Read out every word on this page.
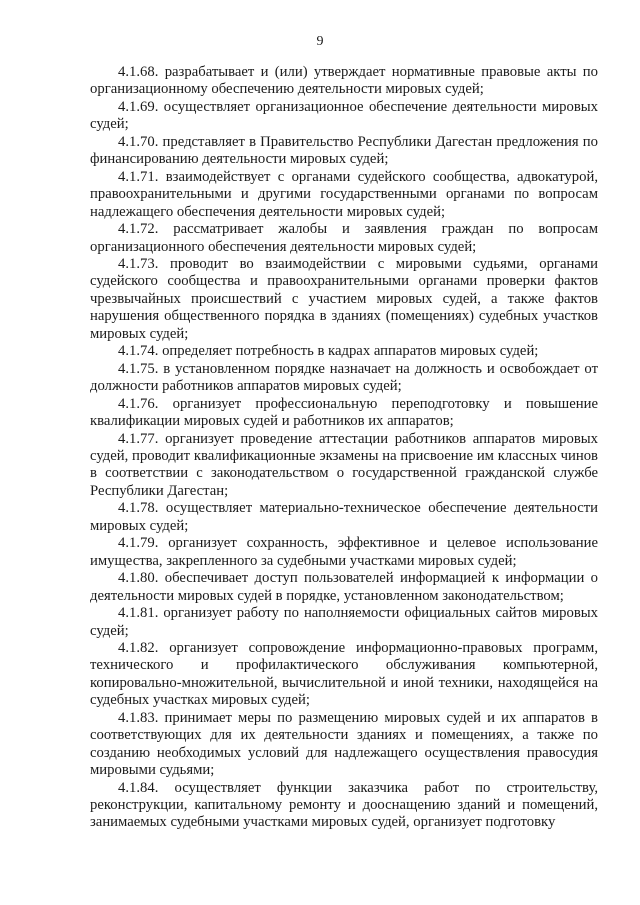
9

4.1.68. разрабатывает и (или) утверждает нормативные правовые акты по организационному обеспечению деятельности мировых судей;

4.1.69. осуществляет организационное обеспечение деятельности мировых судей;

4.1.70. представляет в Правительство Республики Дагестан предложения по финансированию деятельности мировых судей;

4.1.71. взаимодействует с органами судейского сообщества, адвокатурой, правоохранительными и другими государственными органами по вопросам надлежащего обеспечения деятельности мировых судей;

4.1.72. рассматривает жалобы и заявления граждан по вопросам организационного обеспечения деятельности мировых судей;

4.1.73. проводит во взаимодействии с мировыми судьями, органами судейского сообщества и правоохранительными органами проверки фактов чрезвычайных происшествий с участием мировых судей, а также фактов нарушения общественного порядка в зданиях (помещениях) судебных участков мировых судей;

4.1.74. определяет потребность в кадрах аппаратов мировых судей;

4.1.75. в установленном порядке назначает на должность и освобождает от должности работников аппаратов мировых судей;

4.1.76. организует профессиональную переподготовку и повышение квалификации мировых судей и работников их аппаратов;

4.1.77. организует проведение аттестации работников аппаратов мировых судей, проводит квалификационные экзамены на присвоение им классных чинов в соответствии с законодательством о государственной гражданской службе Республики Дагестан;

4.1.78. осуществляет материально-техническое обеспечение деятельности мировых судей;

4.1.79. организует сохранность, эффективное и целевое использование имущества, закрепленного за судебными участками мировых судей;

4.1.80. обеспечивает доступ пользователей информацией к информации о деятельности мировых судей в порядке, установленном законодательством;

4.1.81. организует работу по наполняемости официальных сайтов мировых судей;

4.1.82. организует сопровождение информационно-правовых программ, технического и профилактического обслуживания компьютерной, копировально-множительной, вычислительной и иной техники, находящейся на судебных участках мировых судей;

4.1.83. принимает меры по размещению мировых судей и их аппаратов в соответствующих для их деятельности зданиях и помещениях, а также по созданию необходимых условий для надлежащего осуществления правосудия мировыми судьями;

4.1.84. осуществляет функции заказчика работ по строительству, реконструкции, капитальному ремонту и дооснащению зданий и помещений, занимаемых судебными участками мировых судей, организует подготовку
